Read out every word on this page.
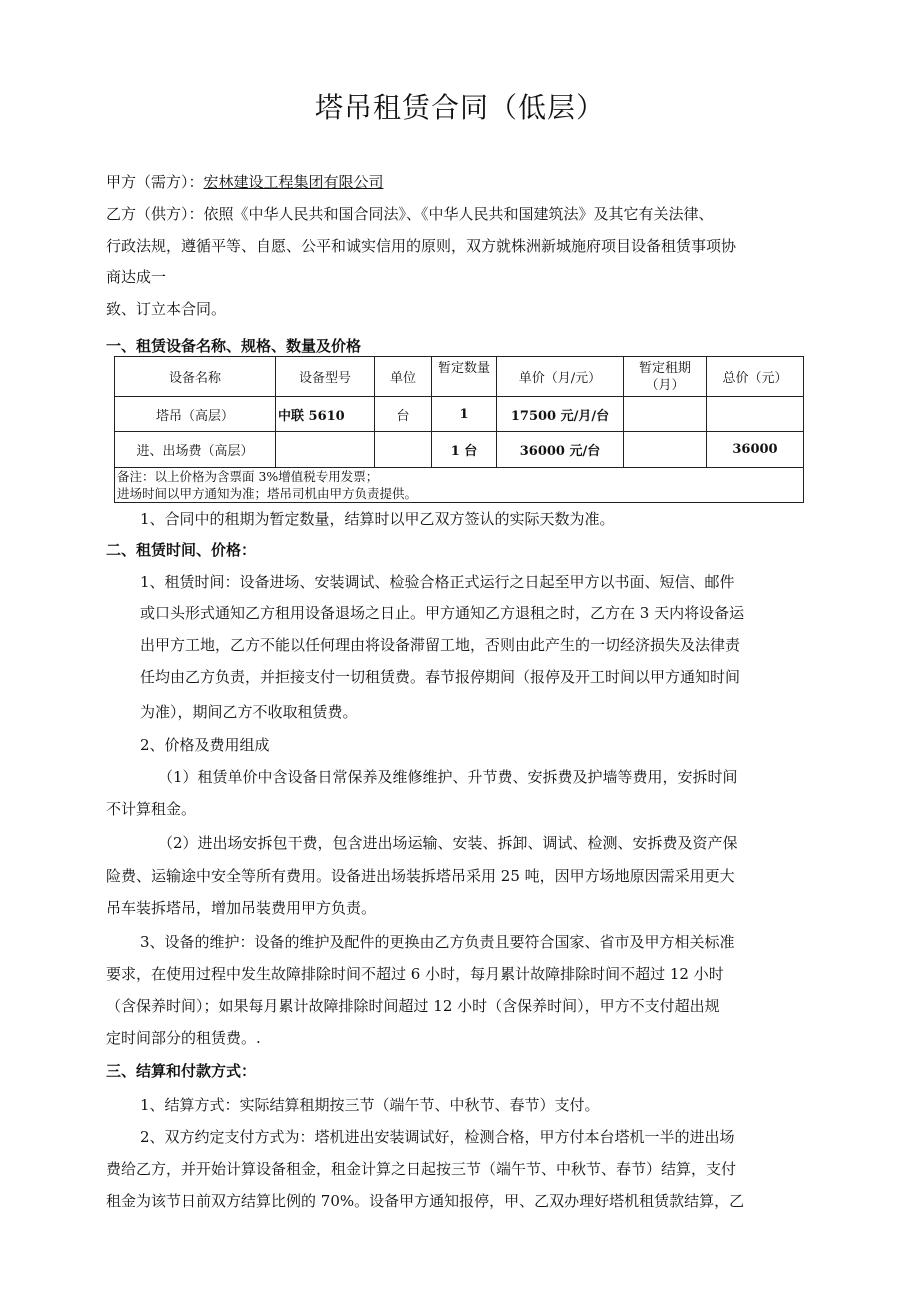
塔吊租赁合同（低层）
甲方（需方）：宏林建设工程集团有限公司
乙方（供方）：依照《中华人民共和国合同法》、《中华人民共和国建筑法》及其它有关法律、
行政法规，遵循平等、自愿、公平和诚实信用的原则，双方就株洲新城施府项目设备租赁事项协
商达成一
致、订立本合同。
一、租赁设备名称、规格、数量及价格
设备名称	设备型号	单位	暂定数量	单价（月/元）	暂定租期（月）	总价（元）
塔吊（高层）	中联 5610	台	1	17500 元/月/台		
进、出场费（高层）			1 台	36000 元/台		36000

备注：以上价格为含票面 3%增值税专用发票；
进场时间以甲方通知为准；塔吊司机由甲方负责提供。						
1、合同中的租期为暂定数量，结算时以甲乙双方签认的实际天数为准。
二、租赁时间、价格：
1、租赁时间：设备进场、安装调试、检验合格正式运行之日起至甲方以书面、短信、邮件
或口头形式通知乙方租用设备退场之日止。甲方通知乙方退租之时，乙方在 3 天内将设备运
出甲方工地，乙方不能以任何理由将设备滞留工地，否则由此产生的一切经济损失及法律责
任均由乙方负责，并拒接支付一切租赁费。春节报停期间（报停及开工时间以甲方通知时间
为准），期间乙方不收取租赁费。
2、价格及费用组成
（1）租赁单价中含设备日常保养及维修维护、升节费、安拆费及护墙等费用，安拆时间
不计算租金。
（2）进出场安拆包干费，包含进出场运输、安装、拆卸、调试、检测、安拆费及资产保
险费、运输途中安全等所有费用。设备进出场装拆塔吊采用 25 吨，因甲方场地原因需采用更大
吊车装拆塔吊，增加吊装费用甲方负责。
3、设备的维护：设备的维护及配件的更换由乙方负责且要符合国家、省市及甲方相关标准
要求，在使用过程中发生故障排除时间不超过 6 小时，每月累计故障排除时间不超过 12 小时
（含保养时间）；如果每月累计故障排除时间超过 12 小时（含保养时间），甲方不支付超出规
定时间部分的租赁费。.
三、结算和付款方式：
1、结算方式：实际结算租期按三节（端午节、中秋节、春节）支付。
2、双方约定支付方式为：塔机进出安装调试好，检测合格，甲方付本台塔机一半的进出场
费给乙方，并开始计算设备租金，租金计算之日起按三节（端午节、中秋节、春节）结算，支付
租金为该节日前双方结算比例的 70%。设备甲方通知报停，甲、乙双办理好塔机租赁款结算，乙
